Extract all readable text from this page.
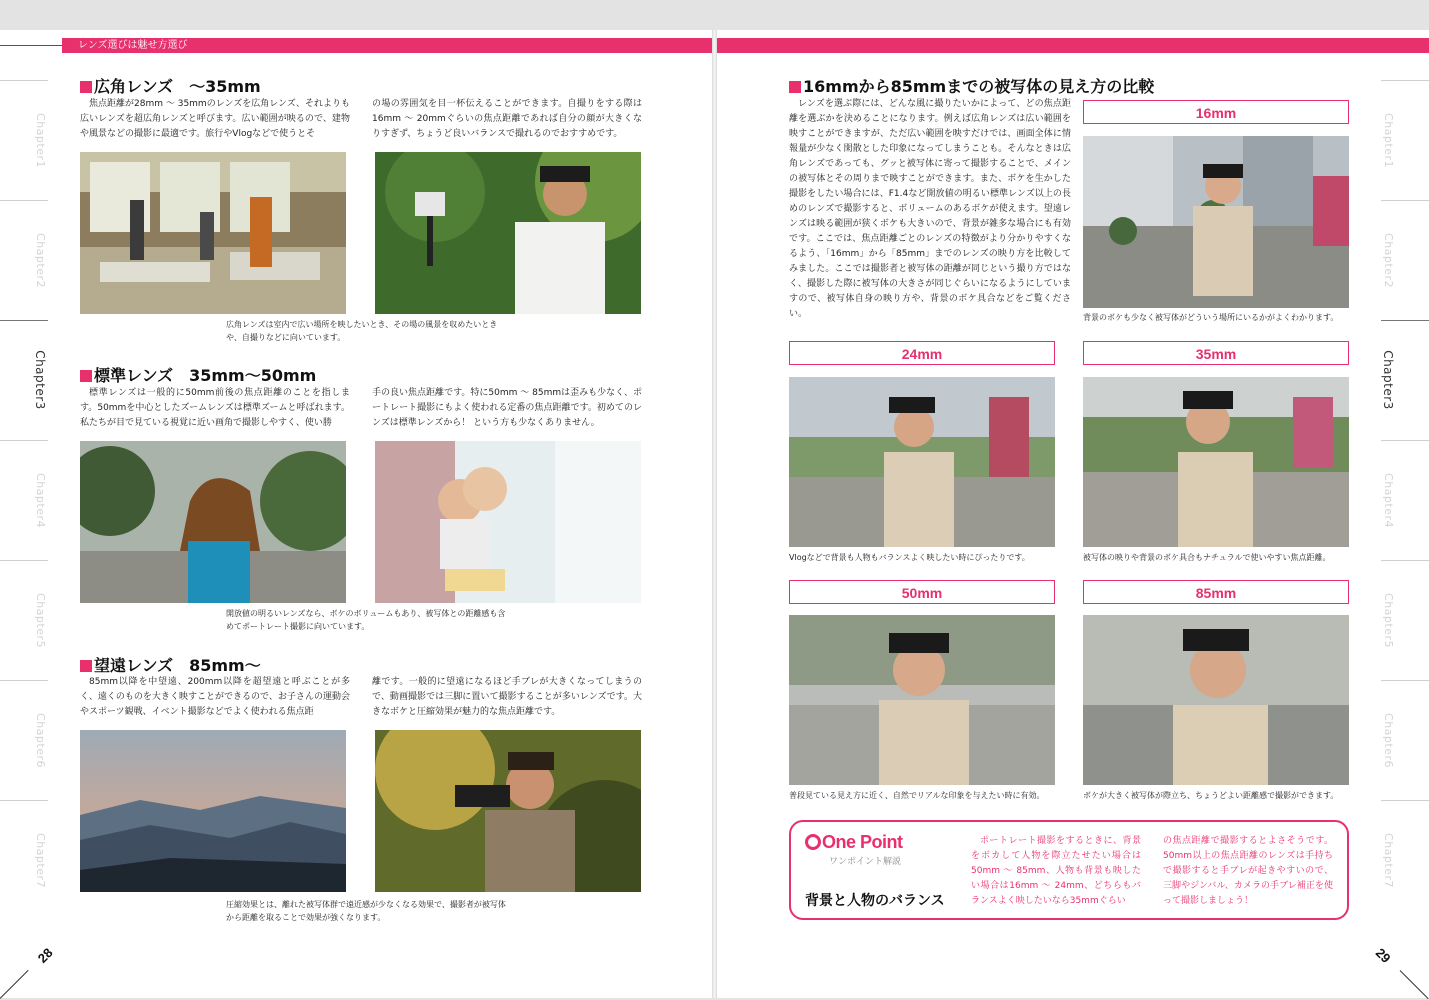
レンズ選びは魅せ方選び
Chapter1
Chapter2
Chapter3
Chapter4
Chapter5
Chapter6
Chapter7
Chapter1
Chapter2
Chapter3
Chapter4
Chapter5
Chapter6
Chapter7
広角レンズ　～35mm

焦点距離が28mm ～ 35mmのレンズを広角レンズ、それよりも広いレンズを超広角レンズと呼びます。広い範囲が映るので、建物や風景などの撮影に最適です。旅行やVlogなどで使うとそ

の場の雰囲気を目一杯伝えることができます。自撮りをする際は16mm ～ 20mmぐらいの焦点距離であれば自分の顔が大きくなりすぎず、ちょうど良いバランスで撮れるのでおすすめです。

広角レンズは室内で広い場所を映したいとき、その場の風景を収めたいときや、自撮りなどに向いています。

標準レンズ　35mm～50mm

標準レンズは一般的に50mm前後の焦点距離のことを指します。50mmを中心としたズームレンズは標準ズームと呼ばれます。私たちが目で見ている視覚に近い画角で撮影しやすく、使い勝

手の良い焦点距離です。特に50mm ～ 85mmは歪みも少なく、ポートレート撮影にもよく使われる定番の焦点距離です。初めてのレンズは標準レンズから！ という方も少なくありません。

開放値の明るいレンズなら、ボケのボリュームもあり、被写体との距離感も含めてポートレート撮影に向いています。

望遠レンズ　85mm～

85mm以降を中望遠、200mm以降を超望遠と呼ぶことが多く、遠くのものを大きく映すことができるので、お子さんの運動会やスポーツ観戦、イベント撮影などでよく使われる焦点距

離です。一般的に望遠になるほど手ブレが大きくなってしまうので、動画撮影では三脚に置いて撮影することが多いレンズです。大きなボケと圧縮効果が魅力的な焦点距離です。

圧縮効果とは、離れた被写体群で遠近感が少なくなる効果で、撮影者が被写体から距離を取ることで効果が強くなります。

28
16mmから85mmまでの被写体の見え方の比較

レンズを選ぶ際には、どんな風に撮りたいかによって、どの焦点距離を選ぶかを決めることになります。例えば広角レンズは広い範囲を映すことができますが、ただ広い範囲を映すだけでは、画面全体に情報量が少なく閑散とした印象になってしまうことも。そんなときは広角レンズであっても、グッと被写体に寄って撮影することで、メインの被写体とその周りまで映すことができます。また、ボケを生かした撮影をしたい場合には、F1.4など開放値の明るい標準レンズ以上の長めのレンズで撮影すると、ボリュームのあるボケが使えます。望遠レンズは映る範囲が狭くボケも大きいので、背景が雑多な場合にも有効です。ここでは、焦点距離ごとのレンズの特徴がより分かりやすくなるよう、「16mm」から「85mm」までのレンズの映り方を比較してみました。ここでは撮影者と被写体の距離が同じという撮り方ではなく、撮影した際に被写体の大きさが同じぐらいになるようにしていますので、被写体自身の映り方や、背景のボケ具合などをご覧ください。

16mm

背景のボケも少なく被写体がどういう場所にいるかがよくわかります。

24mm

Vlogなどで背景も人物もバランスよく映したい時にぴったりです。

35mm

被写体の映りや背景のボケ具合もナチュラルで使いやすい焦点距離。

50mm

普段見ている見え方に近く、自然でリアルな印象を与えたい時に有効。

85mm

ボケが大きく被写体が際立ち、ちょうどよい距離感で撮影ができます。

One Point
ワンポイント解説
背景と人物のバランス

ポートレート撮影をするときに、背景をボカして人物を際立たせたい場合は50mm ～ 85mm、人物も背景も映したい場合は16mm ～ 24mm、どちらもバランスよく映したいなら35mmぐらい

の焦点距離で撮影するとよさそうです。50mm以上の焦点距離のレンズは手持ちで撮影すると手ブレが起きやすいので、三脚やジンバル、カメラの手ブレ補正を使って撮影しましょう！

29
